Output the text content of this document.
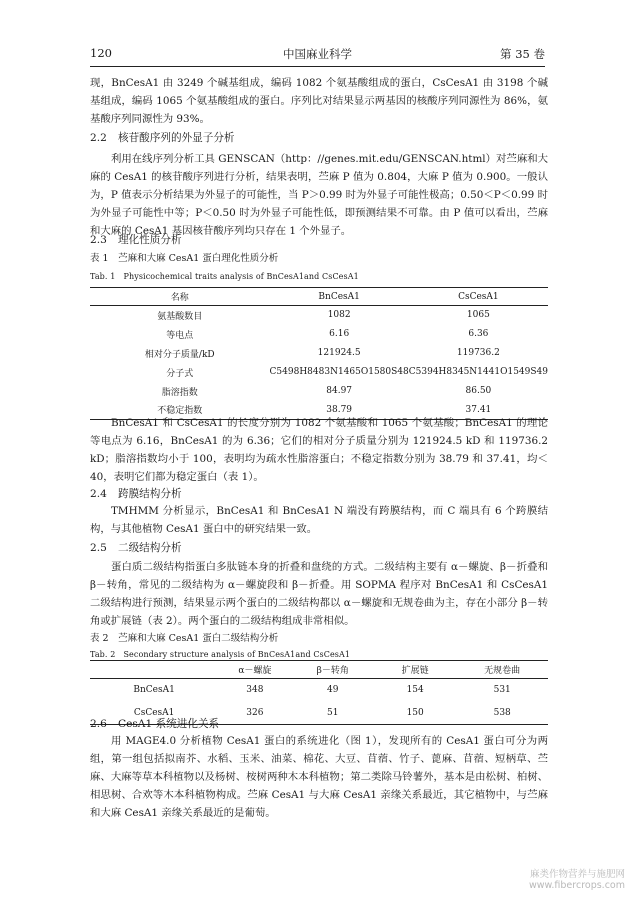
120	中国麻业科学	第 35 卷

现，BnCesA1 由 3249 个碱基组成，编码 1082 个氨基酸组成的蛋白，CsCesA1 由 3198 个碱基组成，编码 1065 个氨基酸组成的蛋白。序列比对结果显示两基因的核酸序列同源性为 86%，氨基酸序列同源性为 93%。

2.2 核苷酸序列的外显子分析

利用在线序列分析工具 GENSCAN（http：//genes.mit.edu/GENSCAN.html）对苎麻和大麻的 CesA1 的核苷酸序列进行分析，结果表明，苎麻 P 值为 0.804，大麻 P 值为 0.900。一般认为，P 值表示分析结果为外显子的可能性，当 P＞0.99 时为外显子可能性极高；0.50＜P＜0.99 时为外显子可能性中等；P＜0.50 时为外显子可能性低，即预测结果不可靠。由 P 值可以看出，苎麻和大麻的 CesA1 基因核苷酸序列均只存在 1 个外显子。

2.3 理化性质分析
表 1　苎麻和大麻 CesA1 蛋白理化性质分析
Tab. 1　Physicochemical traits analysis of BnCesA1and CsCesA1
名称	BnCesA1	CsCesA1
氨基酸数目	1082	1065
等电点	6.16	6.36
相对分子质量/kD	121924.5	119736.2
分子式	C5498H8483N1465O1580S48	C5394H8345N1441O1549S49
脂溶指数	84.97	86.50
不稳定指数	38.79	37.41

BnCesA1 和 CsCesA1 的长度分别为 1082 个氨基酸和 1065 个氨基酸；BnCesA1 的理论等电点为 6.16，BnCesA1 的为 6.36；它们的相对分子质量分别为 121924.5 kD 和 119736.2 kD；脂溶指数均小于 100，表明均为疏水性脂溶蛋白；不稳定指数分别为 38.79 和 37.41，均＜40，表明它们都为稳定蛋白（表 1）。

2.4 跨膜结构分析

TMHMM 分析显示，BnCesA1 和 BnCesA1 N 端没有跨膜结构，而 C 端具有 6 个跨膜结构，与其他植物 CesA1 蛋白中的研究结果一致。

2.5 二级结构分析

蛋白质二级结构指蛋白多肽链本身的折叠和盘绕的方式。二级结构主要有 α－螺旋、β－折叠和 β－转角，常见的二级结构为 α－螺旋段和 β－折叠。用 SOPMA 程序对 BnCesA1 和 CsCesA1 二级结构进行预测，结果显示两个蛋白的二级结构都以 α－螺旋和无规卷曲为主，存在小部分 β－转角或扩展链（表 2）。两个蛋白的二级结构组成非常相似。

表 2　苎麻和大麻 CesA1 蛋白二级结构分析
Tab. 2　Secondary structure analysis of BnCesA1and CsCesA1
	α－螺旋	β－转角	扩展链	无规卷曲
BnCesA1	348	49	154	531
CsCesA1	326	51	150	538
2.6 CesA1 系统进化关系

用 MAGE4.0 分析植物 CesA1 蛋白的系统进化（图 1），发现所有的 CesA1 蛋白可分为两组，第一组包括拟南芥、水稻、玉米、油菜、棉花、大豆、苜蓿、竹子、蓖麻、苜蓿、短柄草、苎麻、大麻等草本科植物以及杨树、桉树两种木本科植物；第二类除马铃薯外，基本是由松树、柏树、相思树、合欢等木本科植物构成。苎麻 CesA1 与大麻 CesA1 亲缘关系最近，其它植物中，与苎麻和大麻 CesA1 亲缘关系最近的是葡萄。

麻类作物营养与施肥网
www.fibercrops.com
